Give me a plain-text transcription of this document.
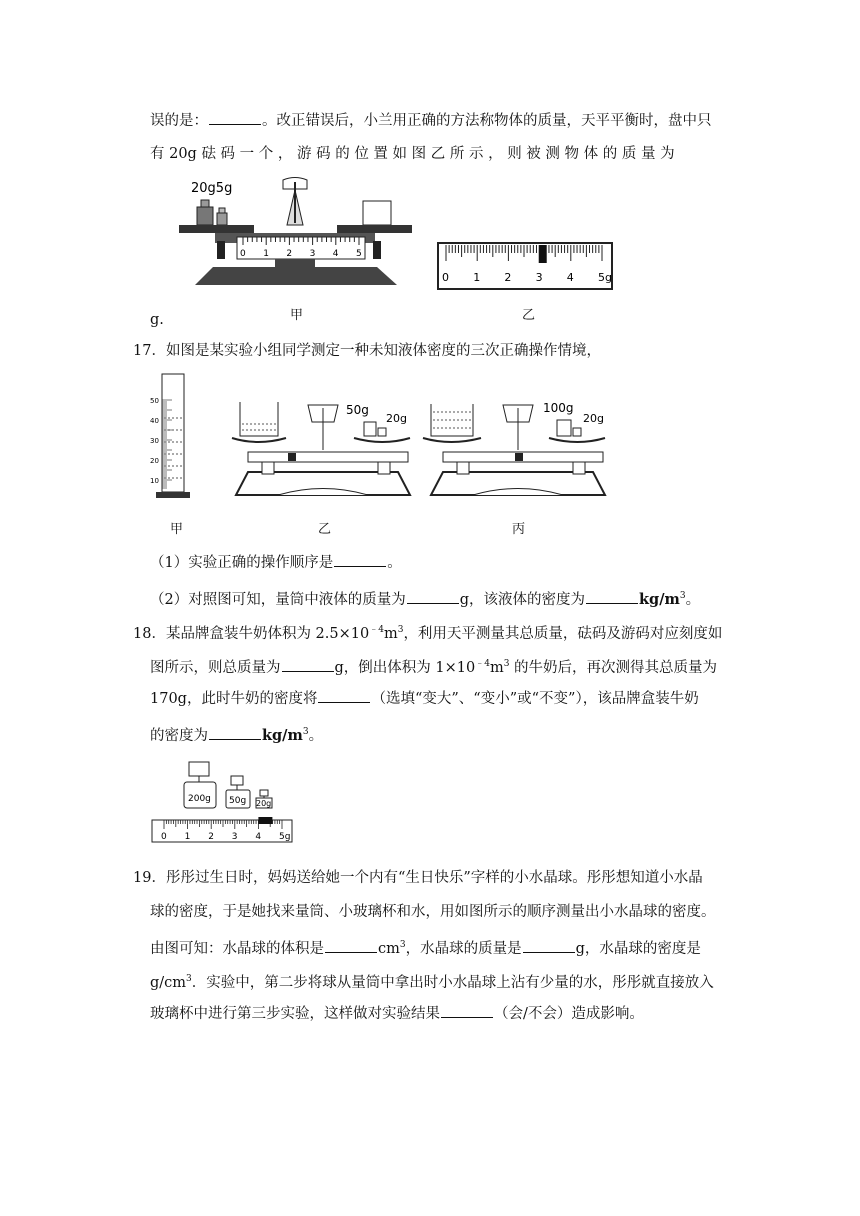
误的是：	。改正错误后，小兰用正确的方法称物体的质量，天平平衡时，盘中只
有 20g 砝 码 一 个 ， 游 码 的 位 置 如 图 乙 所 示 ， 则 被 测 物 体 的 质 量 为
20g5g
0 1 2 3 4 5
甲
0 1 2 3 4 5g
乙
g.
17．如图是某实验小组同学测定一种未知液体密度的三次正确操作情境，
50
40
30
20
10
甲
50g
20g
乙
100g
20g
丙
（1）实验正确的操作顺序是	。
（2）对照图可知，量筒中液体的质量为	g，该液体的密度为	$kg/m^3$。
18．某品牌盒装牛奶体积为 $2.5\times 10^{﹣4}m^3$，利用天平测量其总质量，砝码及游码对应刻度如
图所示，则总质量为	g，倒出体积为 $1\times 10^{﹣4}m^3$ 的牛奶后，再次测得其总质量为
170g，此时牛奶的密度将	（选填“变大”、“变小”或“不变”），该品牌盒装牛奶
的密度为	$kg/m^3$。
200g 50g 20g
0 1 2 3 4 5g
19．彤彤过生日时，妈妈送给她一个内有“生日快乐”字样的小水晶球。彤彤想知道小水晶
球的密度，于是她找来量筒、小玻璃杯和水，用如图所示的顺序测量出小水晶球的密度。
由图可知：水晶球的体积是	$cm^3$，水晶球的质量是	g，水晶球的密度是
$g/cm^3$．实验中，第二步将球从量筒中拿出时小水晶球上沾有少量的水，彤彤就直接放入
玻璃杯中进行第三步实验，这样做对实验结果	（会/不会）造成影响。
